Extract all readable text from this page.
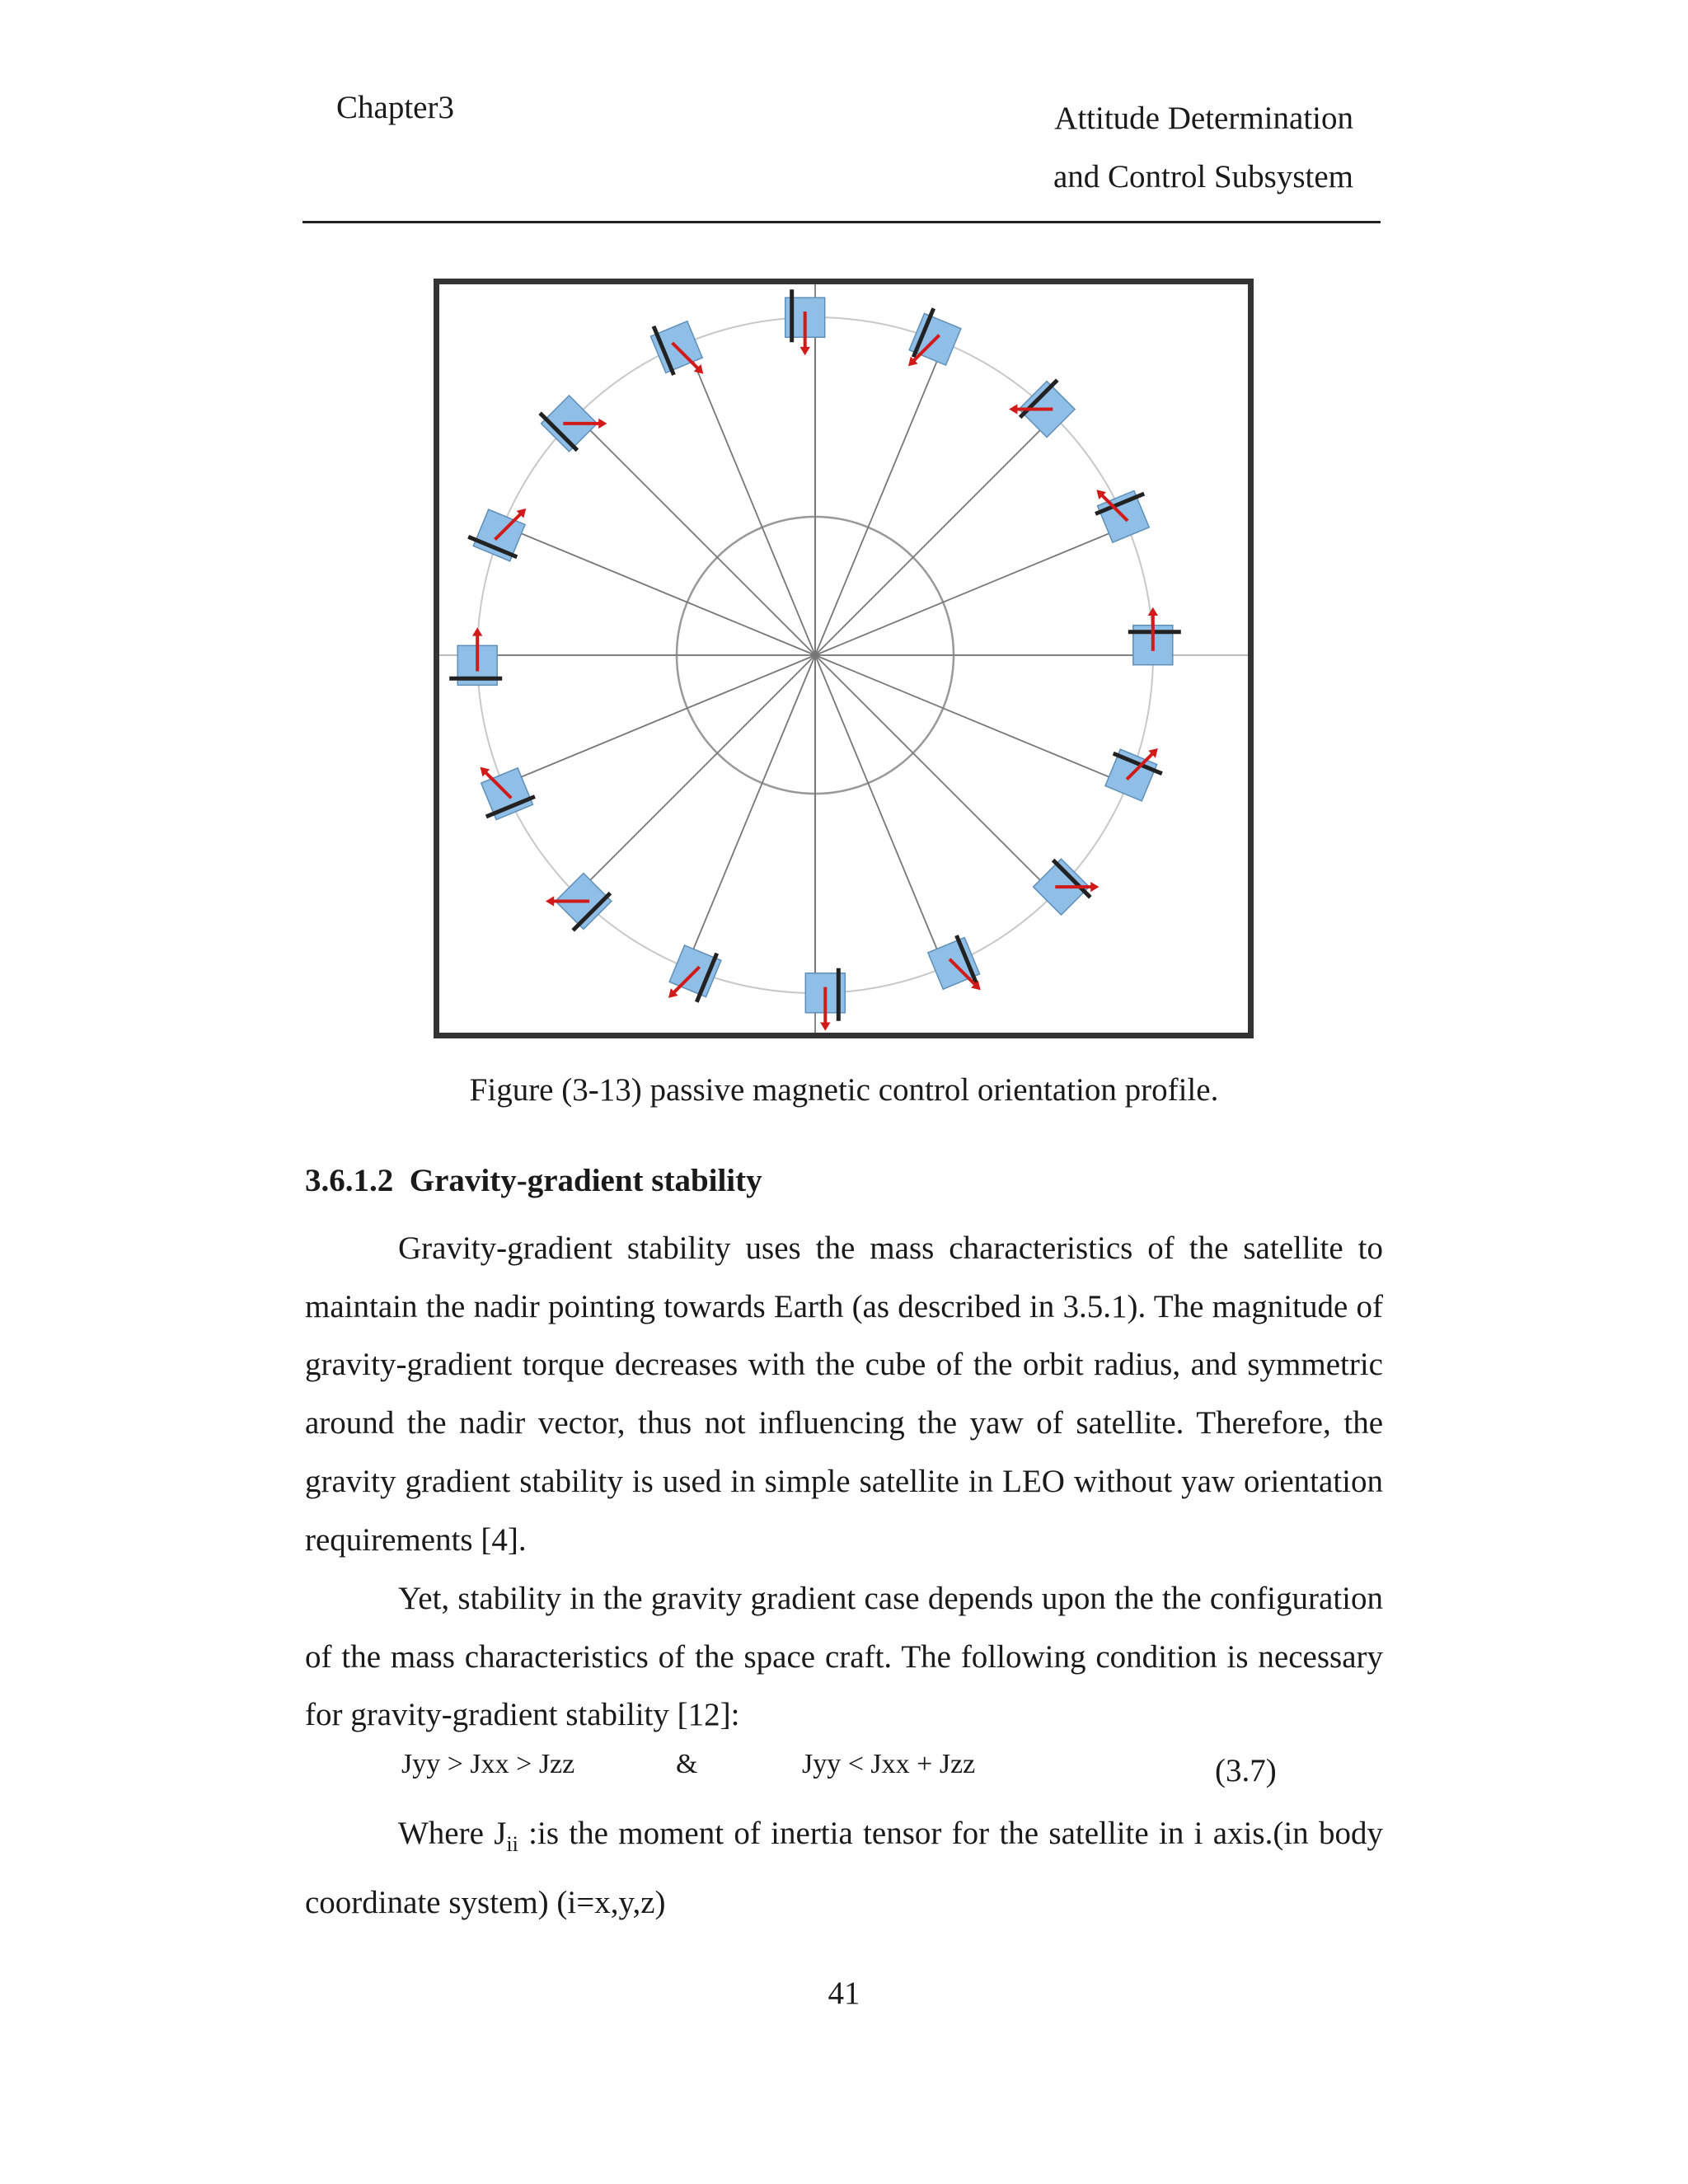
Chapter3	Attitude Determination
and Control Subsystem
Figure (3-13) passive magnetic control orientation profile.
3.6.1.2 Gravity-gradient stability
Gravity-gradient stability uses the mass characteristics of the satellite to maintain the nadir pointing towards Earth (as described in 3.5.1). The magnitude of gravity-gradient torque decreases with the cube of the orbit radius, and symmetric around the nadir vector, thus not influencing the yaw of satellite. Therefore, the gravity gradient stability is used in simple satellite in LEO without yaw orientation requirements [4].
Yet, stability in the gravity gradient case depends upon the the configuration of the mass characteristics of the space craft. The following condition is necessary for gravity-gradient stability [12]:
Jyy > Jxx > Jzz	&	Jyy < Jxx + Jzz	(3.7)
Where $J_{ii}$ :is the moment of inertia tensor for the satellite in i axis.(in body coordinate system) (i=x,y,z)
41
